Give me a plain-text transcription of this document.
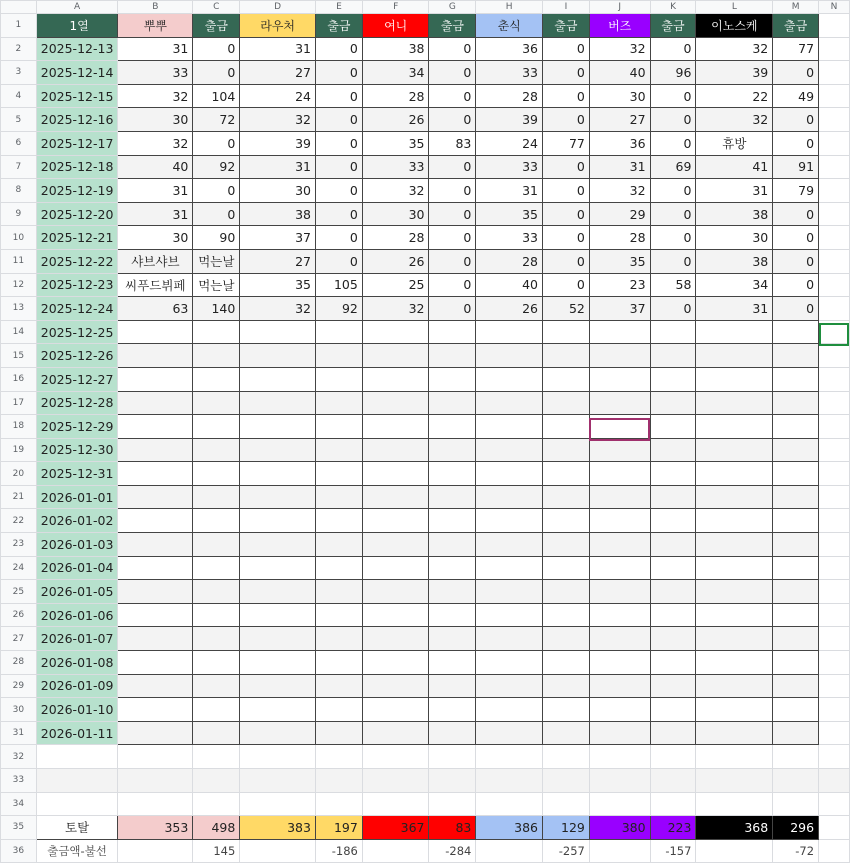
	A	B	C	D	E	F	G	H	I	J	K	L	M	N
1	1열	뿌뿌	출금	라우처	출금	여니	출금	춘식	출금	버즈	출금	이노스케	출금	
2	2025-12-13	31	0	31	0	38	0	36	0	32	0	32	77	
3	2025-12-14	33	0	27	0	34	0	33	0	40	96	39	0	
4	2025-12-15	32	104	24	0	28	0	28	0	30	0	22	49	
5	2025-12-16	30	72	32	0	26	0	39	0	27	0	32	0	
6	2025-12-17	32	0	39	0	35	83	24	77	36	0	휴방	0	
7	2025-12-18	40	92	31	0	33	0	33	0	31	69	41	91	
8	2025-12-19	31	0	30	0	32	0	31	0	32	0	31	79	
9	2025-12-20	31	0	38	0	30	0	35	0	29	0	38	0	
10	2025-12-21	30	90	37	0	28	0	33	0	28	0	30	0	
11	2025-12-22	샤브샤브	먹는날	27	0	26	0	28	0	35	0	38	0	
12	2025-12-23	씨푸드뷔페	먹는날	35	105	25	0	40	0	23	58	34	0	
13	2025-12-24	63	140	32	92	32	0	26	52	37	0	31	0	
14	2025-12-25													
15	2025-12-26													
16	2025-12-27													
17	2025-12-28													
18	2025-12-29													
19	2025-12-30													
20	2025-12-31													
21	2026-01-01													
22	2026-01-02													
23	2026-01-03													
24	2026-01-04													
25	2026-01-05													
26	2026-01-06													
27	2026-01-07													
28	2026-01-08													
29	2026-01-09													
30	2026-01-10													
31	2026-01-11													
32														
33														
34														
35	토탈	353	498	383	197	367	83	386	129	380	223	368	296	
36	출금액-불선		145		-186		-284		-257		-157		-72	
